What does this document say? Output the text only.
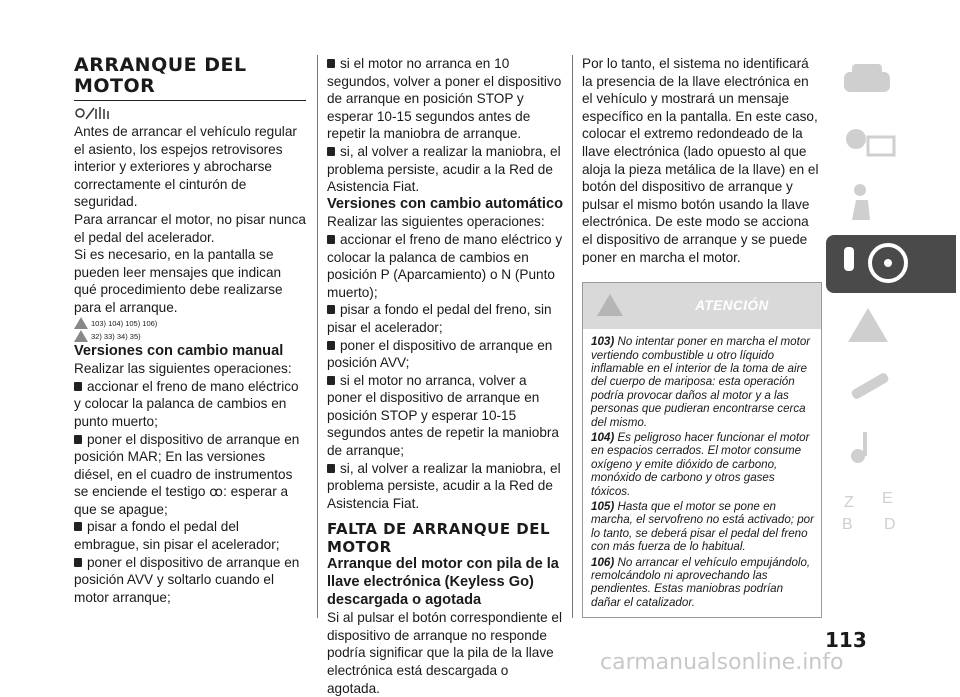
ARRANQUE DEL MOTOR

Antes de arrancar el vehículo regular el asiento, los espejos retrovisores interior y exteriores y abrocharse correctamente el cinturón de seguridad.

Para arrancar el motor, no pisar nunca el pedal del acelerador.

Si es necesario, en la pantalla se pueden leer mensajes que indican qué procedimiento debe realizarse para el arranque.

103) 104) 105) 106)
32) 33) 34) 35)
Versiones con cambio manual

Realizar las siguientes operaciones:

accionar el freno de mano eléctrico y colocar la palanca de cambios en punto muerto;

poner el dispositivo de arranque en posición MAR; En las versiones diésel, en el cuadro de instrumentos se enciende el testigo ꝏ: esperar a que se apague;

pisar a fondo el pedal del embrague, sin pisar el acelerador;

poner el dispositivo de arranque en posición AVV y soltarlo cuando el motor arranque;

si el motor no arranca en 10 segundos, volver a poner el dispositivo de arranque en posición STOP y esperar 10-15 segundos antes de repetir la maniobra de arranque.

si, al volver a realizar la maniobra, el problema persiste, acudir a la Red de Asistencia Fiat.

Versiones con cambio automático

Realizar las siguientes operaciones:

accionar el freno de mano eléctrico y colocar la palanca de cambios en posición P (Aparcamiento) o N (Punto muerto);

pisar a fondo el pedal del freno, sin pisar el acelerador;

poner el dispositivo de arranque en posición AVV;

si el motor no arranca, volver a poner el dispositivo de arranque en posición STOP y esperar 10-15 segundos antes de repetir la maniobra de arranque;

si, al volver a realizar la maniobra, el problema persiste, acudir a la Red de Asistencia Fiat.

FALTA DE ARRANQUE DEL MOTOR
Arranque del motor con pila de la llave electrónica (Keyless Go) descargada o agotada

Si al pulsar el botón correspondiente el dispositivo de arranque no responde podría significar que la pila de la llave electrónica está descargada o agotada.

Por lo tanto, el sistema no identificará la presencia de la llave electrónica en el vehículo y mostrará un mensaje específico en la pantalla. En este caso, colocar el extremo redondeado de la llave electrónica (lado opuesto al que aloja la pieza metálica de la llave) en el botón del dispositivo de arranque y pulsar el mismo botón usando la llave electrónica. De este modo se acciona el dispositivo de arranque y se puede poner en marcha el motor.

ATENCIÓN

103) No intentar poner en marcha el motor vertiendo combustible u otro líquido inflamable en el interior de la toma de aire del cuerpo de mariposa: esta operación podría provocar daños al motor y a las personas que pudieran encontrarse cerca del mismo.

104) Es peligroso hacer funcionar el motor en espacios cerrados. El motor consume oxígeno y emite dióxido de carbono, monóxido de carbono y otros gases tóxicos.

105) Hasta que el motor se pone en marcha, el servofreno no está activado; por lo tanto, se deberá pisar el pedal del freno con más fuerza de lo habitual.

106) No arrancar el vehículo empujándolo, remolcándolo ni aprovechando las pendientes. Estas maniobras podrían dañar el catalizador.

Z E
B D
113
carmanualsonline.info
